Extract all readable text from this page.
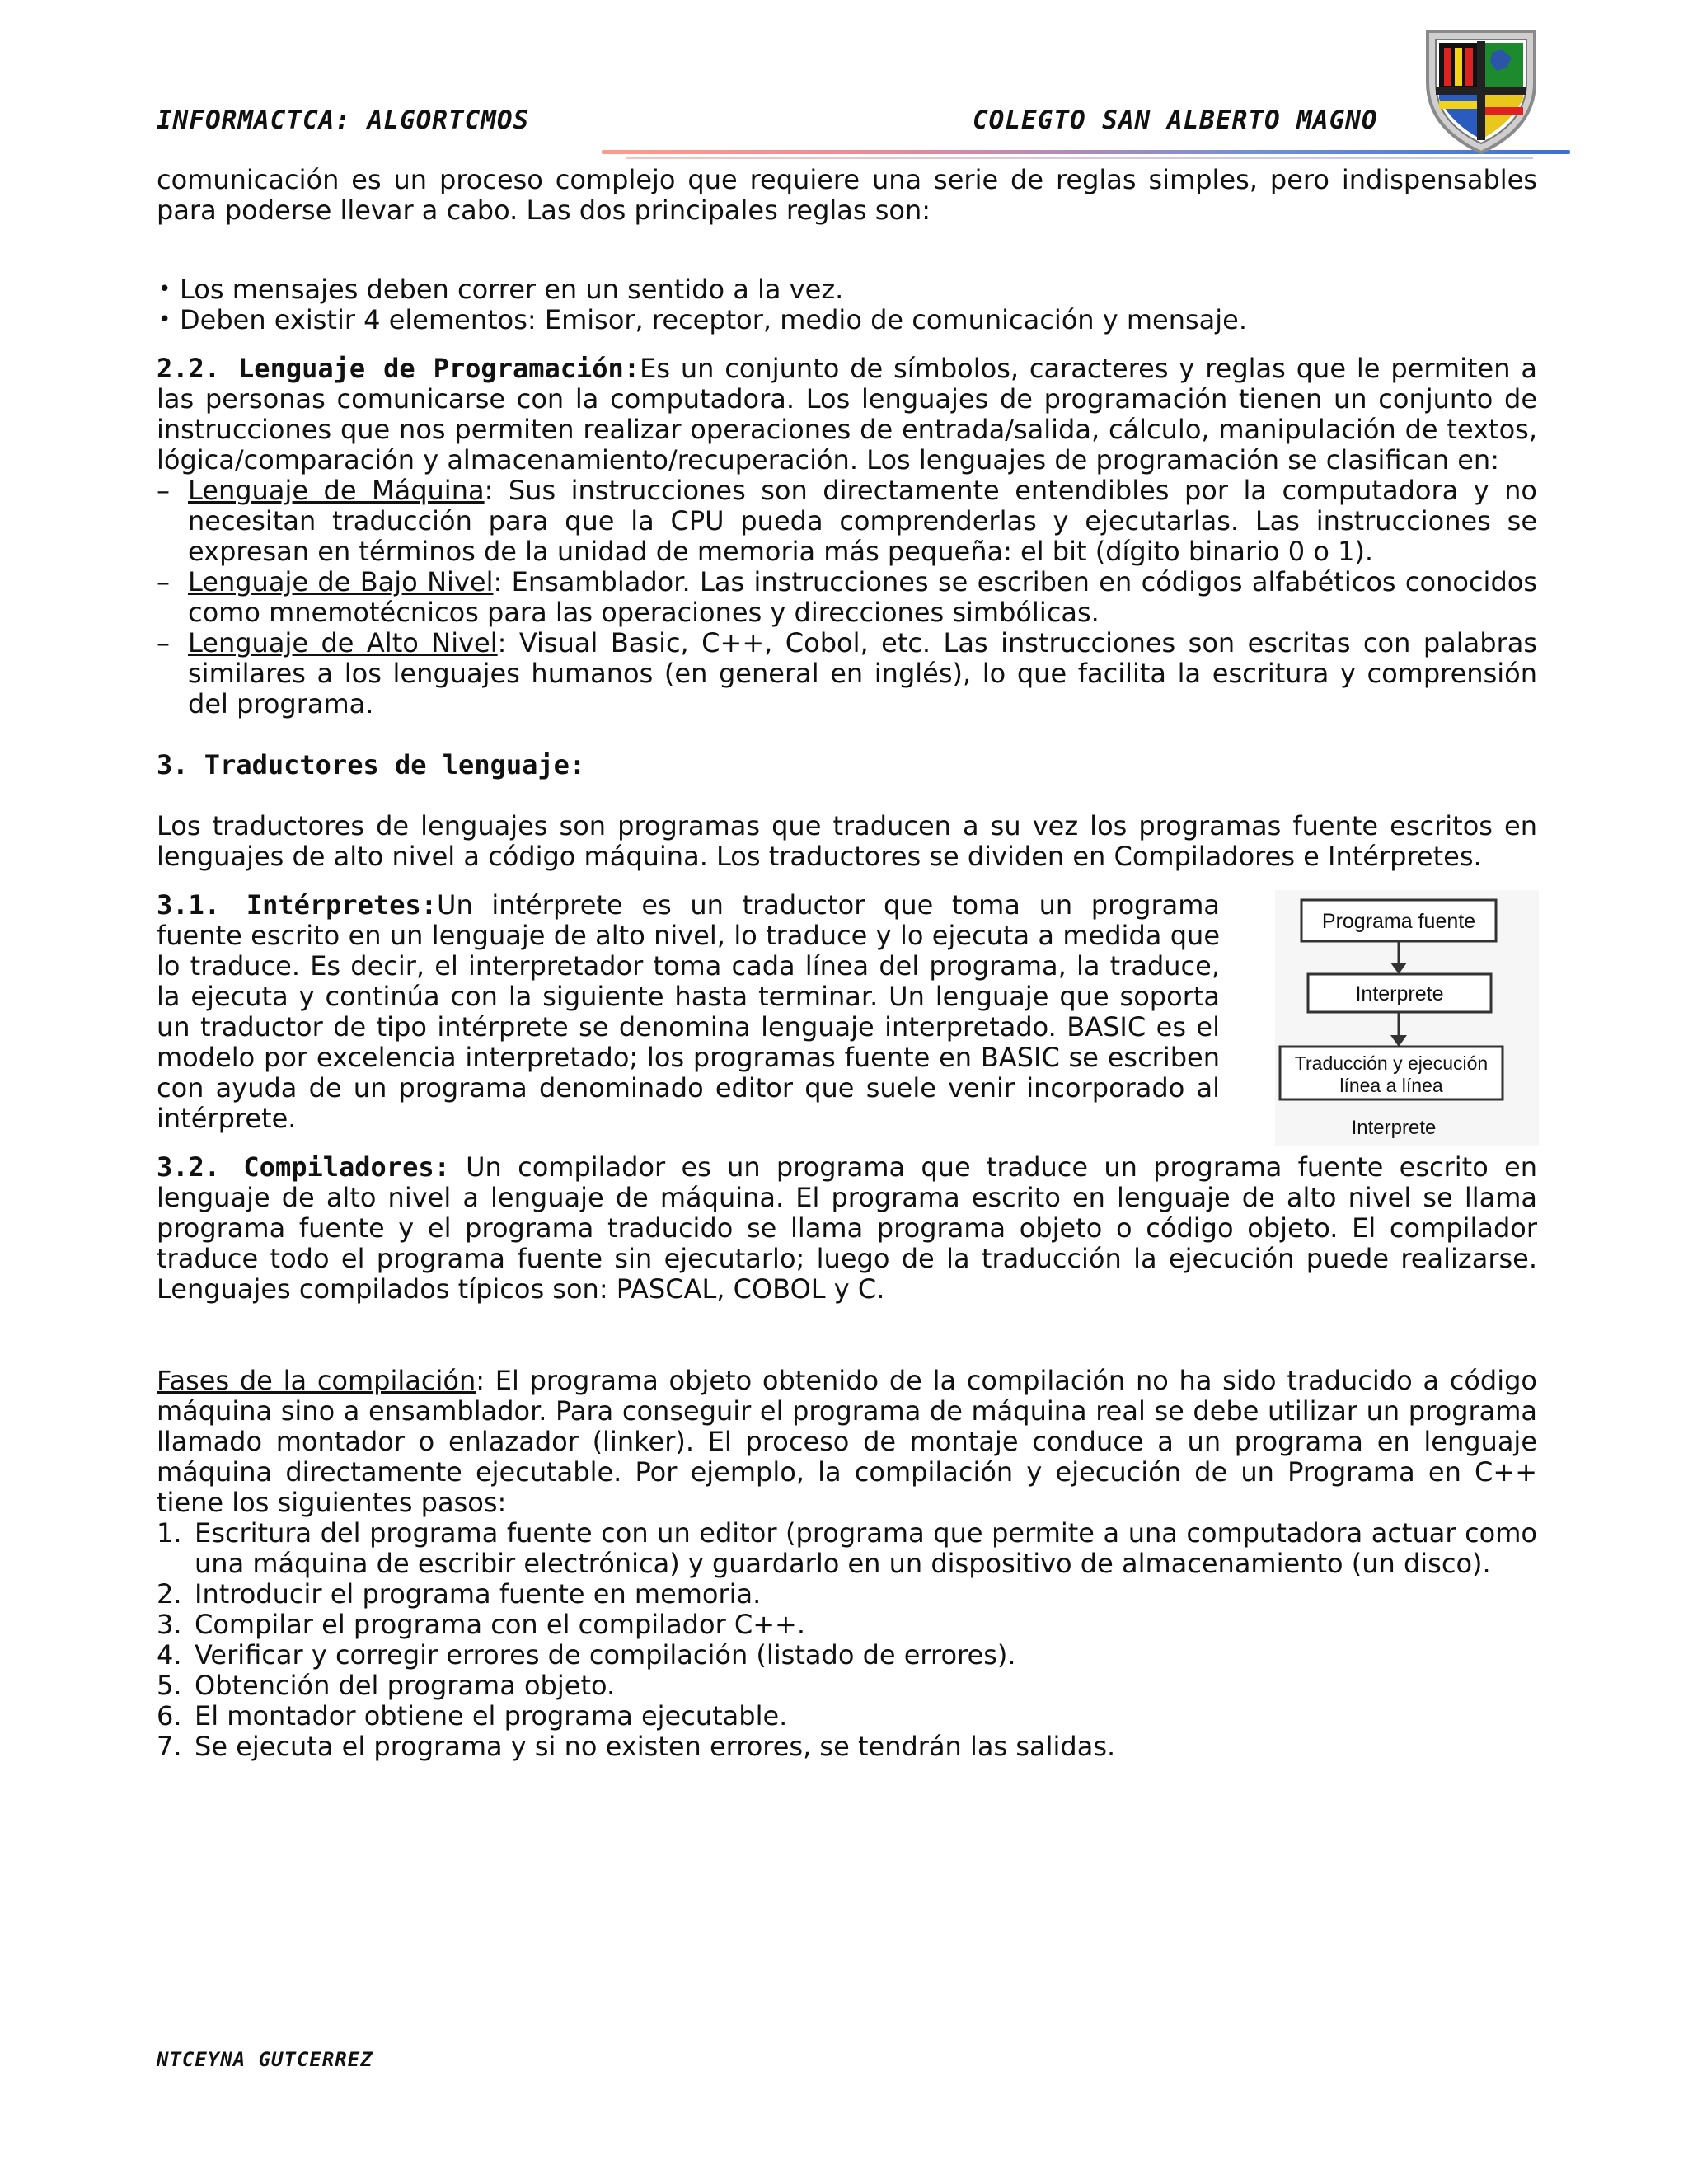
INFORMACTCA: ALGORTCMOS	COLEGTO SAN ALBERTO MAGNO

comunicación es un proceso complejo que requiere una serie de reglas simples, pero indispensables para poderse llevar a cabo. Las dos principales reglas son:

• Los mensajes deben correr en un sentido a la vez.
• Deben existir 4 elementos: Emisor, receptor, medio de comunicación y mensaje.

2.2. Lenguaje de Programación:Es un conjunto de símbolos, caracteres y reglas que le permiten a las personas comunicarse con la computadora. Los lenguajes de programación tienen un conjunto de instrucciones que nos permiten realizar operaciones de entrada/salida, cálculo, manipulación de textos, lógica/comparación y almacenamiento/recuperación. Los lenguajes de programación se clasifican en:

– Lenguaje de Máquina: Sus instrucciones son directamente entendibles por la computadora y no necesitan traducción para que la CPU pueda comprenderlas y ejecutarlas. Las instrucciones se expresan en términos de la unidad de memoria más pequeña: el bit (dígito binario 0 o 1).
– Lenguaje de Bajo Nivel: Ensamblador. Las instrucciones se escriben en códigos alfabéticos conocidos como mnemotécnicos para las operaciones y direcciones simbólicas.
– Lenguaje de Alto Nivel: Visual Basic, C++, Cobol, etc. Las instrucciones son escritas con palabras similares a los lenguajes humanos (en general en inglés), lo que facilita la escritura y comprensión del programa.

3. Traductores de lenguaje:

Los traductores de lenguajes son programas que traducen a su vez los programas fuente escritos en lenguajes de alto nivel a código máquina. Los traductores se dividen en Compiladores e Intérpretes.

3.1. Intérpretes:Un intérprete es un traductor que toma un programa fuente escrito en un lenguaje de alto nivel, lo traduce y lo ejecuta a medida que lo traduce. Es decir, el interpretador toma cada línea del programa, la traduce, la ejecuta y continúa con la siguiente hasta terminar. Un lenguaje que soporta un traductor de tipo intérprete se denomina lenguaje interpretado. BASIC es el modelo por excelencia interpretado; los programas fuente en BASIC se escriben con ayuda de un programa denominado editor que suele venir incorporado al intérprete.

Programa fuente
Interprete
Traducción y ejecución
línea a línea
Interprete

3.2. Compiladores: Un compilador es un programa que traduce un programa fuente escrito en lenguaje de alto nivel a lenguaje de máquina. El programa escrito en lenguaje de alto nivel se llama programa fuente y el programa traducido se llama programa objeto o código objeto. El compilador traduce todo el programa fuente sin ejecutarlo; luego de la traducción la ejecución puede realizarse. Lenguajes compilados típicos son: PASCAL, COBOL y C.

Fases de la compilación: El programa objeto obtenido de la compilación no ha sido traducido a código máquina sino a ensamblador. Para conseguir el programa de máquina real se debe utilizar un programa llamado montador o enlazador (linker). El proceso de montaje conduce a un programa en lenguaje máquina directamente ejecutable. Por ejemplo, la compilación y ejecución de un Programa en C++ tiene los siguientes pasos:

1. Escritura del programa fuente con un editor (programa que permite a una computadora actuar como una máquina de escribir electrónica) y guardarlo en un dispositivo de almacenamiento (un disco).
2. Introducir el programa fuente en memoria.
3. Compilar el programa con el compilador C++.
4. Verificar y corregir errores de compilación (listado de errores).
5. Obtención del programa objeto.
6. El montador obtiene el programa ejecutable.
7. Se ejecuta el programa y si no existen errores, se tendrán las salidas.
NTCEYNA GUTCERREZ
